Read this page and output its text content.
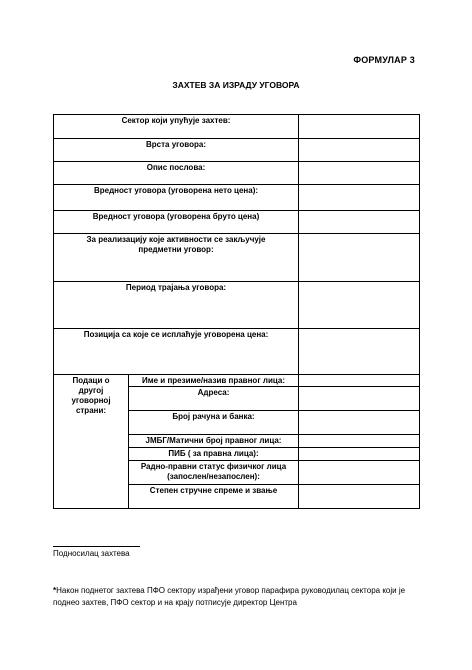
ФОРМУЛАР 3
ЗАХТЕВ ЗА ИЗРАДУ УГОВОРА
Сектор који упућује захтев:		
Врста уговора:		
Опис послова:		
Вредност уговора (уговорена нето цена):		
Вредност уговора (уговорена бруто цена)		
За реализацију које активности се закључује предметни уговор:		
Период трајања уговора:		
Позиција са које се исплаћује уговорена цена:		
Подаци о другој уговорној страни:	Име и презиме/назив правног лица:	
	Адреса:	
	Број рачуна и банка:	
	ЈМБГ/Матични број правног лица:	
	ПИБ ( за правна лица):	
	Радно-правни статус физичког лица (запослен/незапослен):	
	Степен стручне спреме и звање	
Подносилац захтева
*Након поднетог захтева ПФО сектору израђени уговор парафира руководилац сектора који је поднео захтев, ПФО сектор и на крају потписује директор Центра
